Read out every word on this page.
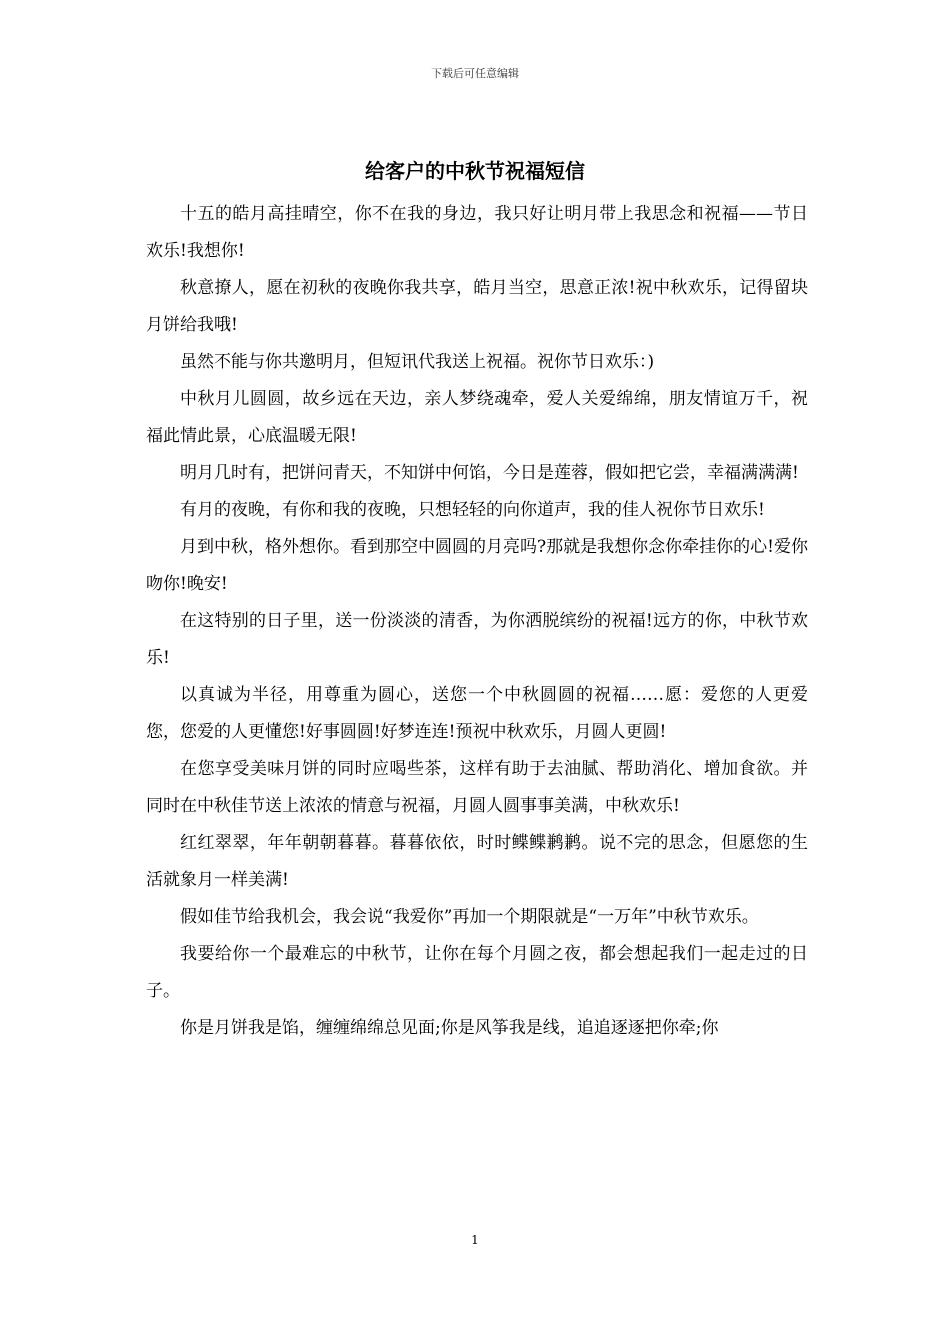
下载后可任意编辑
给客户的中秋节祝福短信

十五的皓月高挂晴空，你不在我的身边，我只好让明月带上我思念和祝福——节日欢乐!我想你!

秋意撩人，愿在初秋的夜晚你我共享，皓月当空，思意正浓!祝中秋欢乐，记得留块月饼给我哦!

虽然不能与你共邀明月，但短讯代我送上祝福。祝你节日欢乐：)

中秋月儿圆圆，故乡远在天边，亲人梦绕魂牵，爱人关爱绵绵，朋友情谊万千，祝福此情此景，心底温暖无限!

明月几时有，把饼问青天，不知饼中何馅，今日是莲蓉，假如把它尝，幸福满满满!

有月的夜晚，有你和我的夜晚，只想轻轻的向你道声，我的佳人祝你节日欢乐!

月到中秋，格外想你。看到那空中圆圆的月亮吗?那就是我想你念你牵挂你的心!爱你吻你!晚安!

在这特别的日子里，送一份淡淡的清香，为你洒脱缤纷的祝福!远方的你，中秋节欢乐!

以真诚为半径，用尊重为圆心，送您一个中秋圆圆的祝福……愿：爱您的人更爱您，您爱的人更懂您!好事圆圆!好梦连连!预祝中秋欢乐，月圆人更圆!

在您享受美味月饼的同时应喝些茶，这样有助于去油腻、帮助消化、增加食欲。并同时在中秋佳节送上浓浓的情意与祝福，月圆人圆事事美满，中秋欢乐!

红红翠翠，年年朝朝暮暮。暮暮依依，时时鲽鲽鹣鹣。说不完的思念，但愿您的生活就象月一样美满!

假如佳节给我机会，我会说“我爱你”再加一个期限就是“一万年”中秋节欢乐。

我要给你一个最难忘的中秋节，让你在每个月圆之夜，都会想起我们一起走过的日子。

你是月饼我是馅，缠缠绵绵总见面;你是风筝我是线，追追逐逐把你牵;你

1
